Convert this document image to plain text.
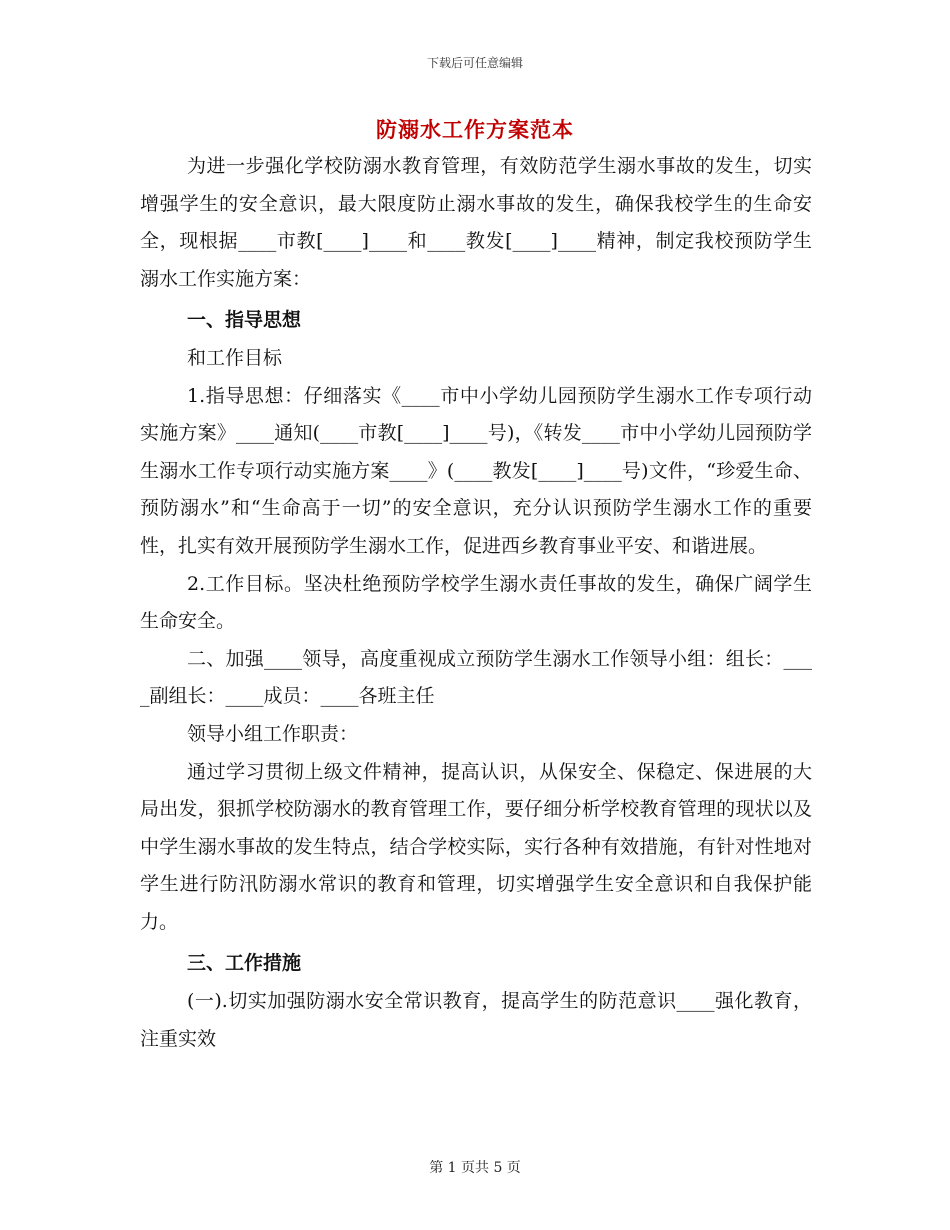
下载后可任意编辑
防溺水工作方案范本

为进一步强化学校防溺水教育管理，有效防范学生溺水事故的发生，切实增强学生的安全意识，最大限度防止溺水事故的发生，确保我校学生的生命安全，现根据____市教[____]____和____教发[____]____精神，制定我校预防学生溺水工作实施方案：

一、指导思想

和工作目标

1.指导思想：仔细落实《____市中小学幼儿园预防学生溺水工作专项行动实施方案》____通知(____市教[____]____号)，《转发____市中小学幼儿园预防学生溺水工作专项行动实施方案____》(____教发[____]____号)文件，“珍爱生命、预防溺水”和“生命高于一切”的安全意识，充分认识预防学生溺水工作的重要性，扎实有效开展预防学生溺水工作，促进西乡教育事业平安、和谐进展。

2.工作目标。坚决杜绝预防学校学生溺水责任事故的发生，确保广阔学生生命安全。

二、加强____领导，高度重视成立预防学生溺水工作领导小组：组长：____副组长：____成员：____各班主任

领导小组工作职责：

通过学习贯彻上级文件精神，提高认识，从保安全、保稳定、保进展的大局出发，狠抓学校防溺水的教育管理工作，要仔细分析学校教育管理的现状以及中学生溺水事故的发生特点，结合学校实际，实行各种有效措施，有针对性地对学生进行防汛防溺水常识的教育和管理，切实增强学生安全意识和自我保护能力。

三、工作措施

(一).切实加强防溺水安全常识教育，提高学生的防范意识____强化教育，注重实效

第 1 页共 5 页
